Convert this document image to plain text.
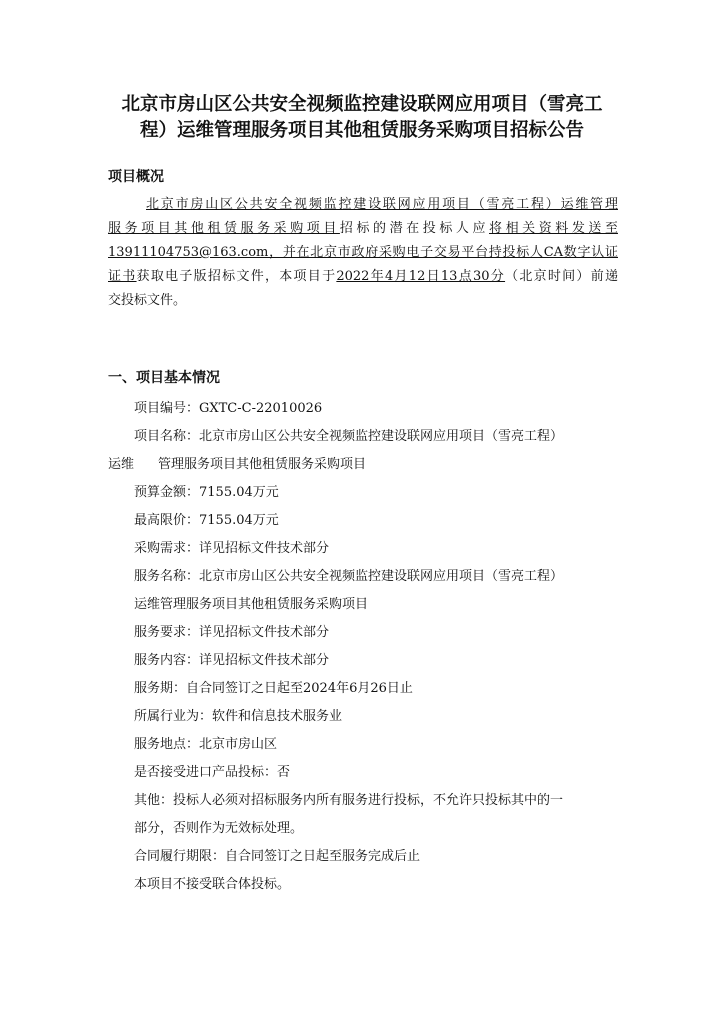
北京市房山区公共安全视频监控建设联网应用项目（雪亮工
程）运维管理服务项目其他租赁服务采购项目招标公告
项目概况
北京市房山区公共安全视频监控建设联网应用项目（雪亮工程）运维管理
服务项目其他租赁服务采购项目招标的潜在投标人应将相关资料发送至
13911104753@163.com，并在北京市政府采购电子交易平台持投标人CA数字认证
证书获取电子版招标文件，本项目于2022年4月12日13点30分（北京时间）前递
交投标文件。
一、项目基本情况
项目编号：GXTC-C-22010026
项目名称：北京市房山区公共安全视频监控建设联网应用项目（雪亮工程）
运维 管理服务项目其他租赁服务采购项目
预算金额：7155.04万元
最高限价：7155.04万元
采购需求：详见招标文件技术部分
服务名称：北京市房山区公共安全视频监控建设联网应用项目（雪亮工程）
运维管理服务项目其他租赁服务采购项目
服务要求：详见招标文件技术部分
服务内容：详见招标文件技术部分
服务期：自合同签订之日起至2024年6月26日止
所属行业为：软件和信息技术服务业
服务地点：北京市房山区
是否接受进口产品投标：否
其他：投标人必须对招标服务内所有服务进行投标，不允许只投标其中的一
部分，否则作为无效标处理。
合同履行期限：自合同签订之日起至服务完成后止
本项目不接受联合体投标。
